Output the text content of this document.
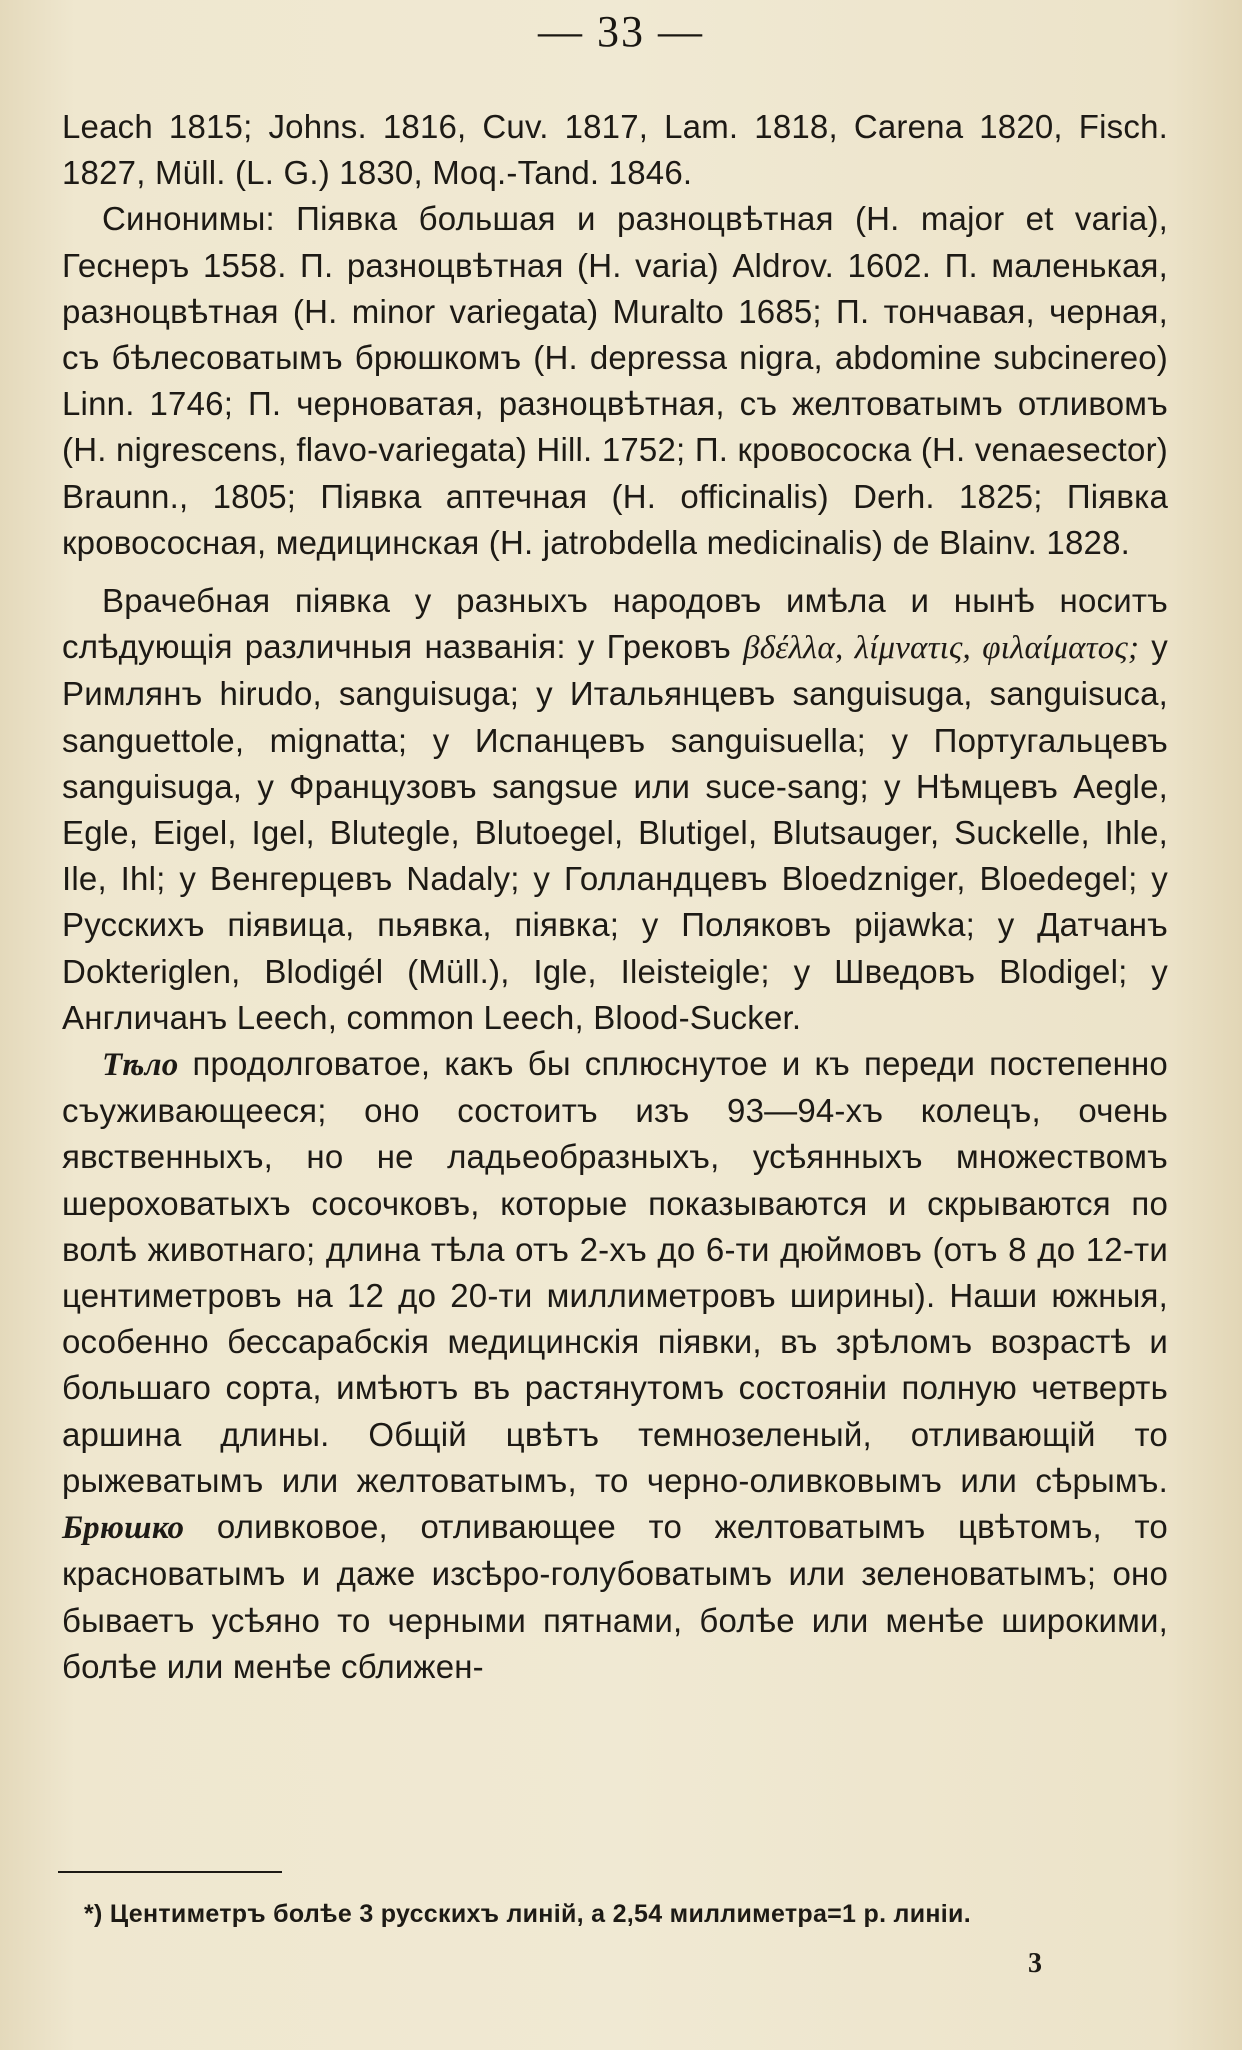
— 33 —

Leach 1815; Johns. 1816, Cuv. 1817, Lam. 1818, Carena 1820, Fisch. 1827, Müll. (L. G.) 1830, Moq.-Tand. 1846.

Синонимы: Піявка большая и разноцвѣтная (H. major et varia), Геснеръ 1558. П. разноцвѣтная (H. varia) Aldrov. 1602. П. маленькая, разноцвѣтная (H. minor variegata) Muralto 1685; П. тончавая, черная, съ бѣлесоватымъ брюшкомъ (H. depressa nigra, abdomine subcinereo) Linn. 1746; П. черноватая, разноцвѣтная, съ желтоватымъ отливомъ (H. nigrescens, flavo-variegata) Hill. 1752; П. кровососка (H. venaesector) Braunn., 1805; Піявка аптечная (H. officinalis) Derh. 1825; Піявка кровососная, медицинская (H. jatrobdella medicinalis) de Blainv. 1828.

Врачебная піявка у разныхъ народовъ имѣла и нынѣ носитъ слѣдующія различныя названія: у Грековъ βδέλλα, λίμνατις, φιλαίματος; у Римлянъ hirudo, sanguisuga; у Итальянцевъ sanguisuga, sanguisuca, sanguettole, mignatta; у Испанцевъ sanguisuella; у Португальцевъ sanguisuga, у Французовъ sangsue или suce-sang; у Нѣмцевъ Aegle, Egle, Eigel, Igel, Blutegle, Blutoegel, Blutigel, Blutsauger, Suckelle, Ihle, Ile, Ihl; у Венгерцевъ Nadaly; у Голландцевъ Bloedzniger, Bloedegel; у Русскихъ піявица, пьявка, піявка; у Поляковъ pijawka; у Датчанъ Dokteriglen, Blodigél (Müll.), Igle, Ileisteigle; у Шведовъ Blodigel; у Англичанъ Leech, common Leech, Blood-Sucker.

Тѣло продолговатое, какъ бы сплюснутое и къ переди постепенно съуживающееся; оно состоитъ изъ 93—94-хъ колецъ, очень явственныхъ, но не ладьеобразныхъ, усѣянныхъ множествомъ шероховатыхъ сосочковъ, которые показываются и скрываются по волѣ животнаго; длина тѣла отъ 2-хъ до 6-ти дюймовъ (отъ 8 до 12-ти центиметровъ на 12 до 20-ти миллиметровъ ширины). Наши южныя, особенно бессарабскія медицинскія піявки, въ зрѣломъ возрастѣ и большаго сорта, имѣютъ въ растянутомъ состояніи полную четверть аршина длины. Общій цвѣтъ темнозеленый, отливающій то рыжеватымъ или желтоватымъ, то черно-оливковымъ или сѣрымъ. Брюшко оливковое, отливающее то желтоватымъ цвѣтомъ, то красноватымъ и даже изсѣро-голубоватымъ или зеленоватымъ; оно бываетъ усѣяно то черными пятнами, болѣе или менѣе широкими, болѣе или менѣе сближен-

*) Центиметръ болѣе 3 русскихъ линій, а 2,54 миллиметра=1 р. линіи.
3
